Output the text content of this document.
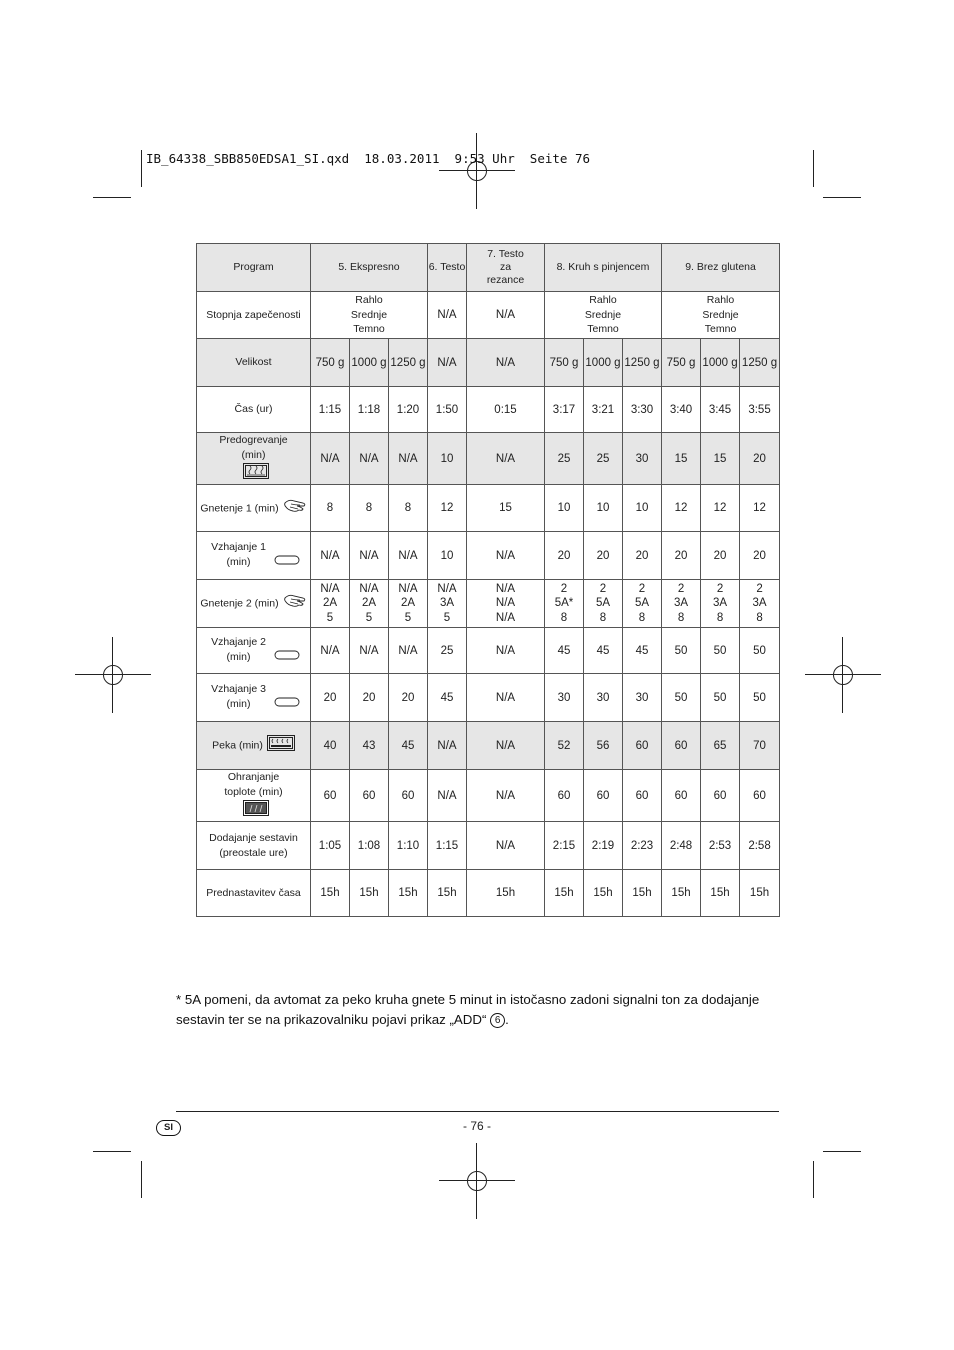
IB_64338_SBB850EDSA1_SI.qxd  18.03.2011  9:53 Uhr  Seite 76
Program	5. Ekspresno			6. Testo	7. Testo za rezance	8. Kruh s pinjencem			9. Brez glutena		
Stopnja zapečenosti	Rahlo
Srednje
Temno			N/A	N/A	Rahlo
Srednje
Temno			Rahlo
Srednje
Temno		

Velikost	750 g	1000 g	1250 g	N/A	N/A	750 g	1000 g	1250 g	750 g	1000 g	1250 g
Čas (ur)	1:15	1:18	1:20	1:50	0:15	3:17	3:21	3:30	3:40	3:45	3:55
Predogrevanje (min)	N/A	N/A	N/A	10	N/A	25	25	30	15	15	20
Gnetenje 1 (min)	8	8	8	12	15	10	10	10	12	12	12
Vzhajanje 1 (min)	N/A	N/A	N/A	10	N/A	20	20	20	20	20	20
Gnetenje 2 (min)	N/A
2A
5	N/A
2A
5	N/A
2A
5	N/A
3A
5	N/A
N/A
N/A	2
5A*
8	2
5A
8	2
5A
8	2
3A
8	2
3A
8	2
3A
8

Vzhajanje 2 (min)	N/A	N/A	N/A	25	N/A	45	45	45	50	50	50
Vzhajanje 3 (min)	20	20	20	45	N/A	30	30	30	50	50	50
Peka (min)	40	43	45	N/A	N/A	52	56	60	60	65	70
Ohranjanje toplote (min)	60	60	60	N/A	N/A	60	60	60	60	60	60
Dodajanje sestavin (preostale ure)	1:05	1:08	1:10	1:15	N/A	2:15	2:19	2:23	2:48	2:53	2:58
Prednastavitev časa	15h	15h	15h	15h	15h	15h	15h	15h	15h	15h	15h
* 5A pomeni, da avtomat za peko kruha gnete 5 minut in istočasno zadoni signalni ton za dodajanje sestavin ter se na prikazovalniku pojavi prikaz „ADD“ 6 .
SI	- 76 -
